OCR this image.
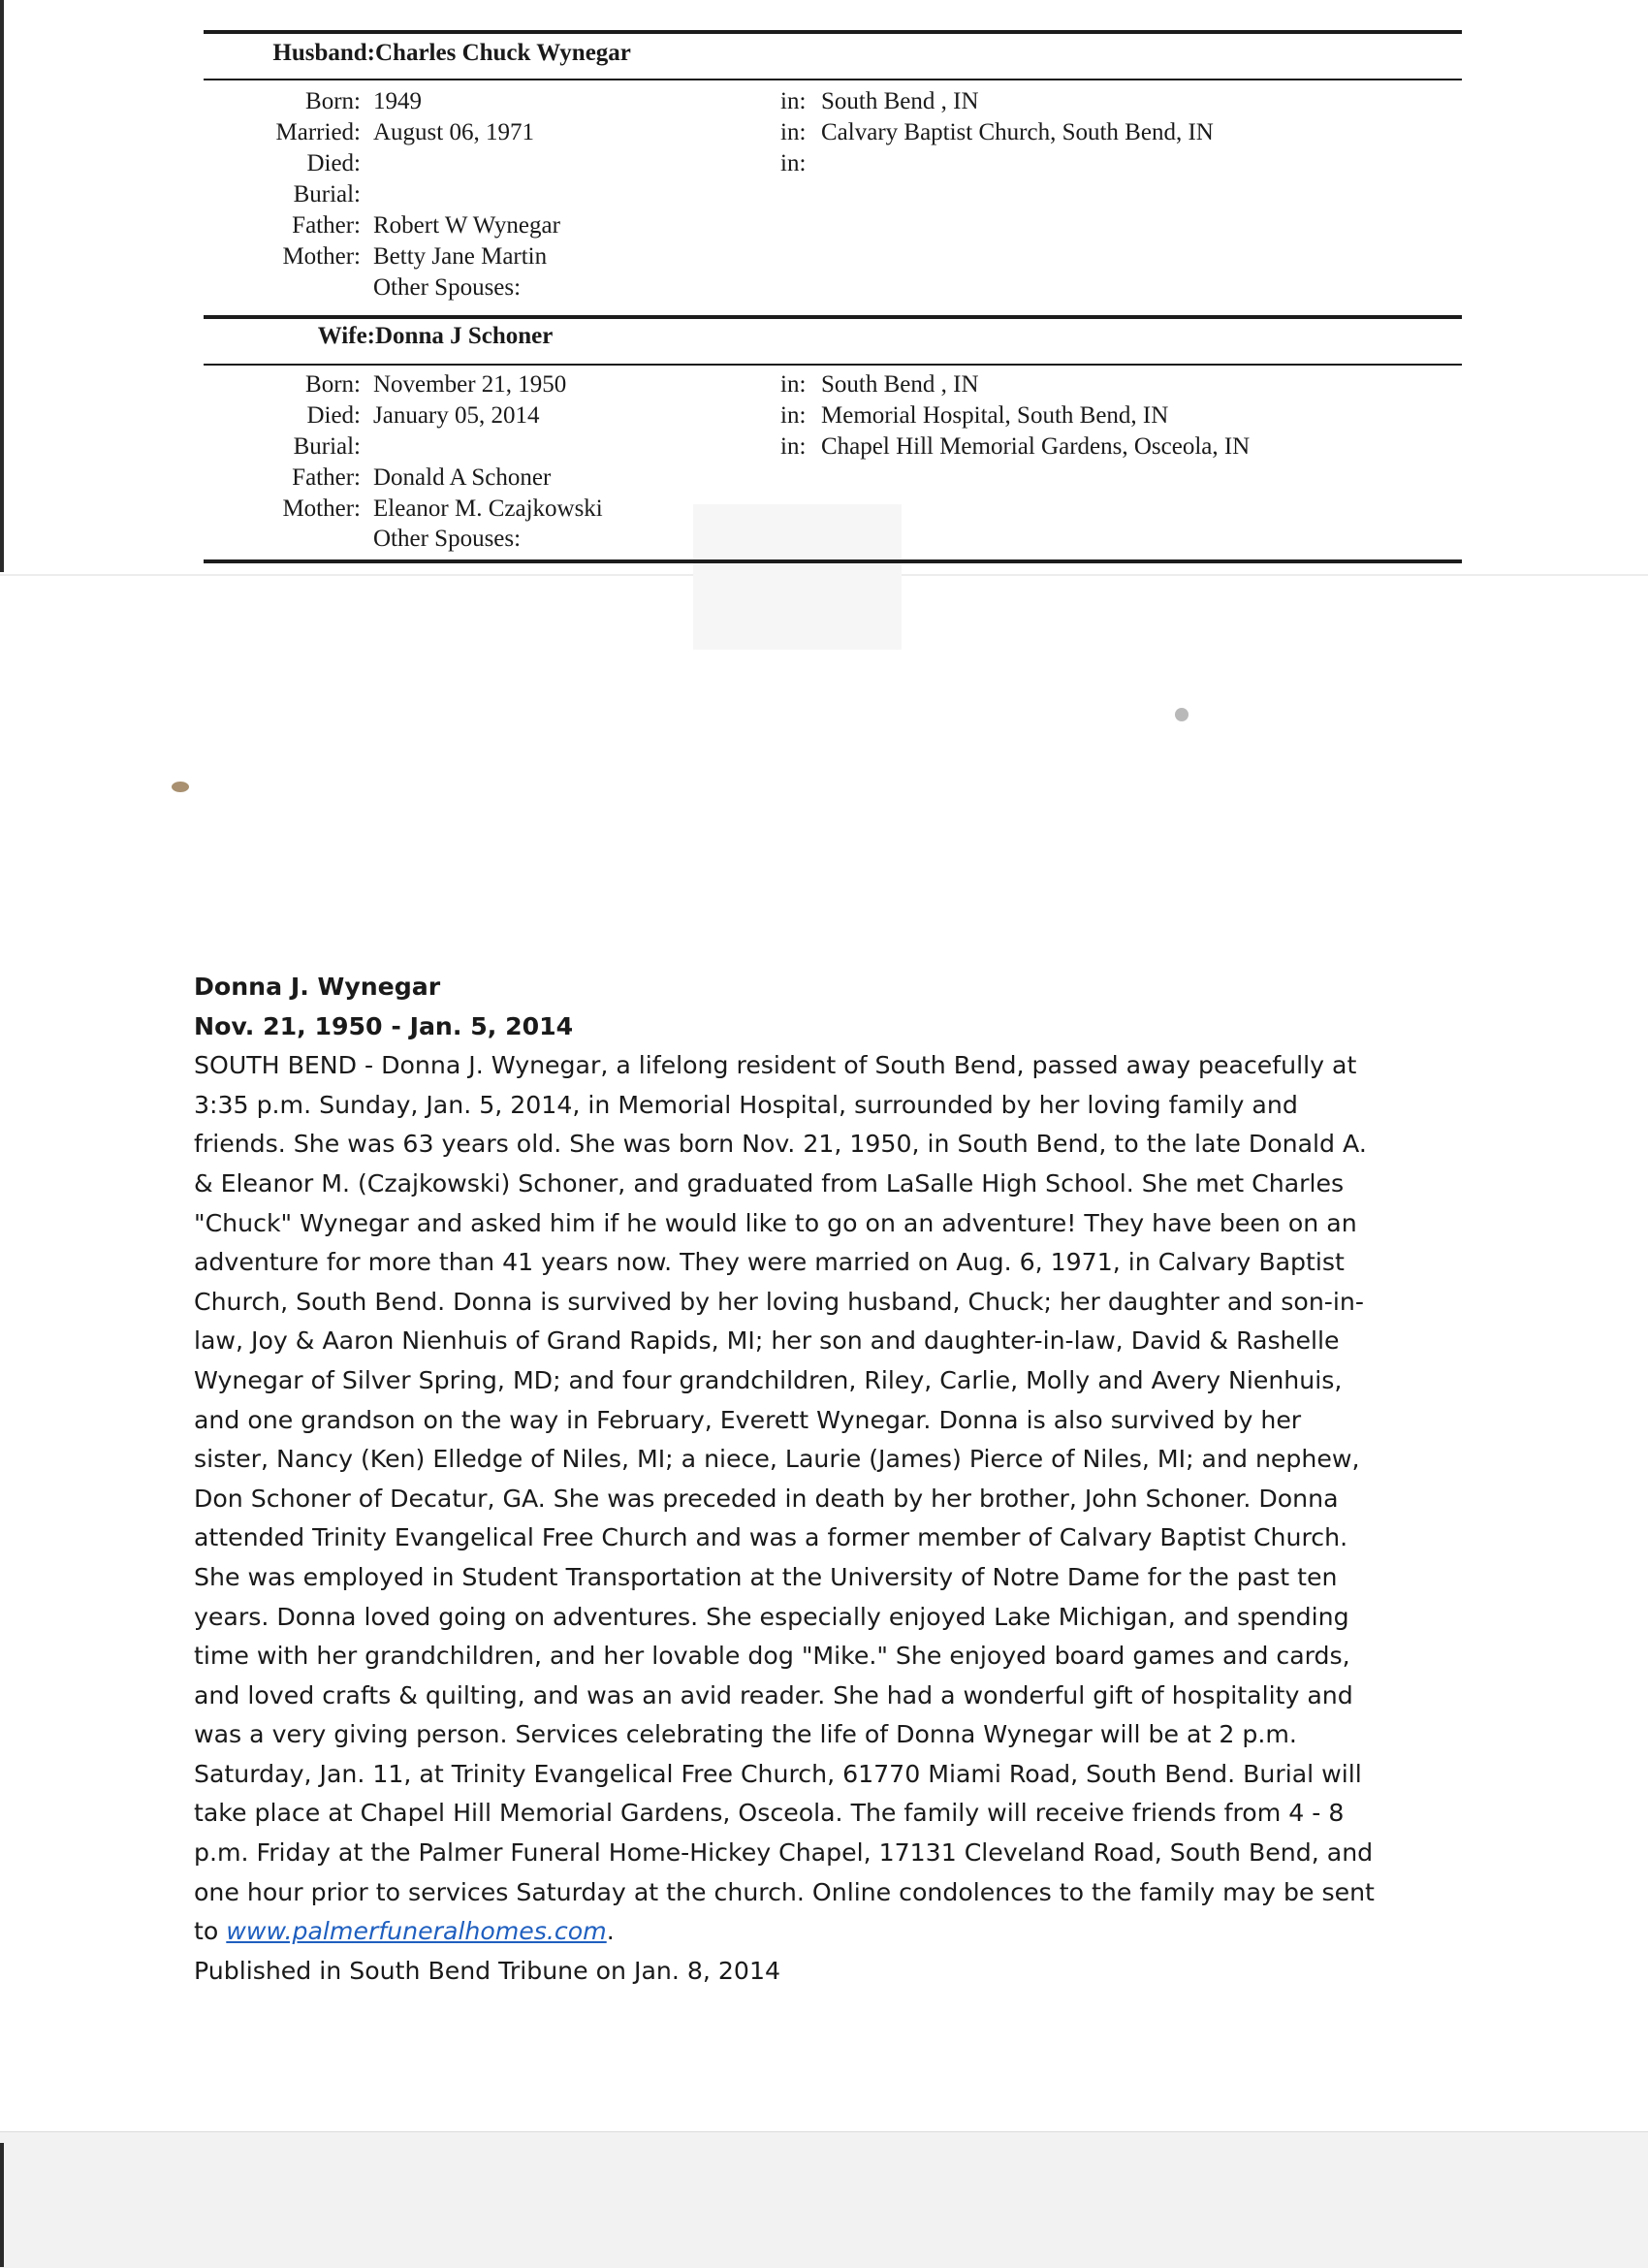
Husband: Charles Chuck Wynegar
Born: 1949	in: South Bend , IN
Married: August 06, 1971	in: Calvary Baptist Church, South Bend, IN
Died:	in:
Burial:
Father: Robert W Wynegar
Mother: Betty Jane Martin
Other Spouses:
Wife: Donna J Schoner
Born: November 21, 1950	in: South Bend , IN
Died: January 05, 2014	in: Memorial Hospital, South Bend, IN
Burial:	in: Chapel Hill Memorial Gardens, Osceola, IN
Father: Donald A Schoner
Mother: Eleanor M. Czajkowski
Other Spouses:
Donna J. Wynegar
Nov. 21, 1950 - Jan. 5, 2014
SOUTH BEND - Donna J. Wynegar, a lifelong resident of South Bend, passed away peacefully at
3:35 p.m. Sunday, Jan. 5, 2014, in Memorial Hospital, surrounded by her loving family and
friends. She was 63 years old. She was born Nov. 21, 1950, in South Bend, to the late Donald A.
& Eleanor M. (Czajkowski) Schoner, and graduated from LaSalle High School. She met Charles
"Chuck" Wynegar and asked him if he would like to go on an adventure! They have been on an
adventure for more than 41 years now. They were married on Aug. 6, 1971, in Calvary Baptist
Church, South Bend. Donna is survived by her loving husband, Chuck; her daughter and son-in-
law, Joy & Aaron Nienhuis of Grand Rapids, MI; her son and daughter-in-law, David & Rashelle
Wynegar of Silver Spring, MD; and four grandchildren, Riley, Carlie, Molly and Avery Nienhuis,
and one grandson on the way in February, Everett Wynegar. Donna is also survived by her
sister, Nancy (Ken) Elledge of Niles, MI; a niece, Laurie (James) Pierce of Niles, MI; and nephew,
Don Schoner of Decatur, GA. She was preceded in death by her brother, John Schoner. Donna
attended Trinity Evangelical Free Church and was a former member of Calvary Baptist Church.
She was employed in Student Transportation at the University of Notre Dame for the past ten
years. Donna loved going on adventures. She especially enjoyed Lake Michigan, and spending
time with her grandchildren, and her lovable dog "Mike." She enjoyed board games and cards,
and loved crafts & quilting, and was an avid reader. She had a wonderful gift of hospitality and
was a very giving person. Services celebrating the life of Donna Wynegar will be at 2 p.m.
Saturday, Jan. 11, at Trinity Evangelical Free Church, 61770 Miami Road, South Bend. Burial will
take place at Chapel Hill Memorial Gardens, Osceola. The family will receive friends from 4 - 8
p.m. Friday at the Palmer Funeral Home-Hickey Chapel, 17131 Cleveland Road, South Bend, and
one hour prior to services Saturday at the church. Online condolences to the family may be sent
to www.palmerfuneralhomes.com.
Published in South Bend Tribune on Jan. 8, 2014
